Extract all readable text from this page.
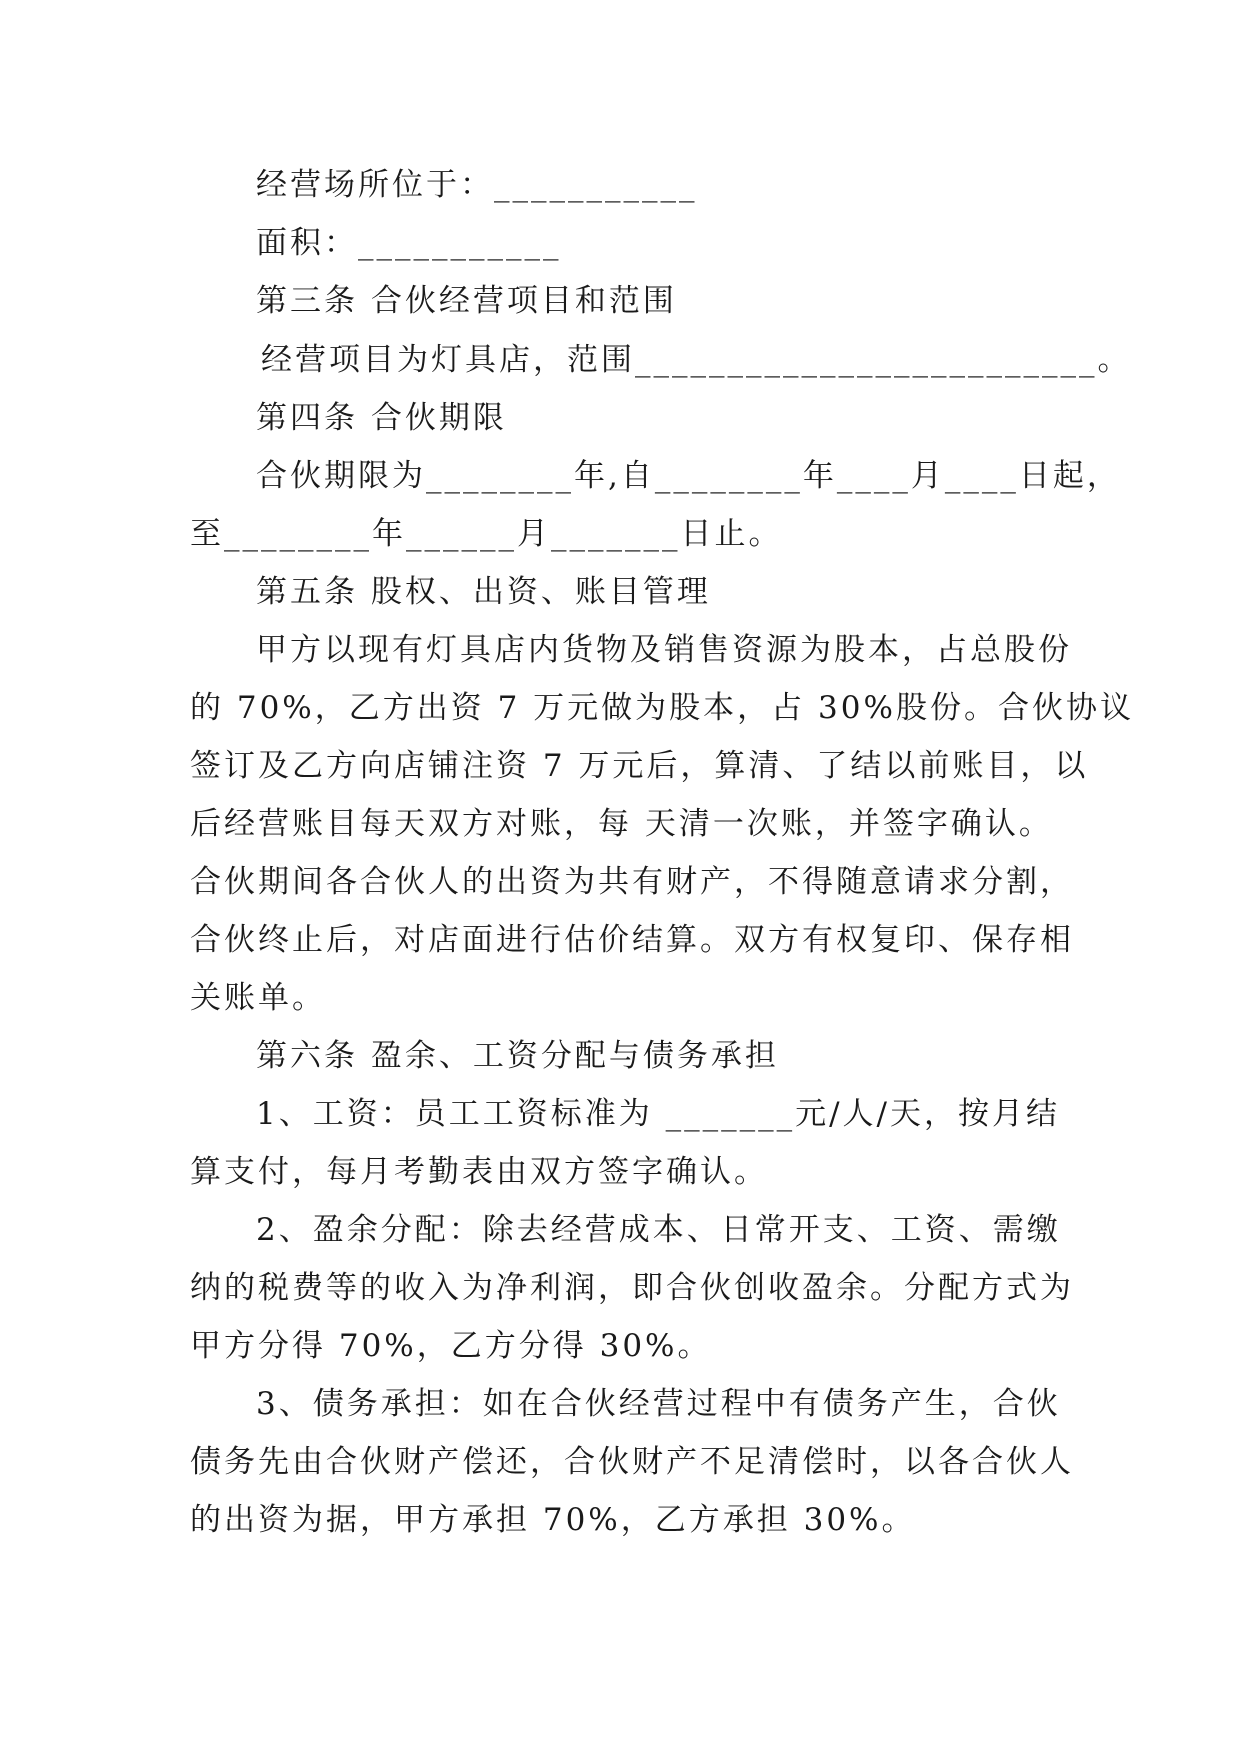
经营场所位于：___________
面积：___________
第三条 合伙经营项目和范围
经营项目为灯具店，范围_________________________。
第四条 合伙期限
合伙期限为________年,自________年____月____日起，
至________年______月_______日止。
第五条 股权、出资、账目管理
甲方以现有灯具店内货物及销售资源为股本，占总股份
的 70%，乙方出资 7 万元做为股本，占 30%股份。合伙协议
签订及乙方向店铺注资 7 万元后，算清、了结以前账目，以
后经营账目每天双方对账，每 天清一次账，并签字确认。
合伙期间各合伙人的出资为共有财产，不得随意请求分割，
合伙终止后，对店面进行估价结算。双方有权复印、保存相
关账单。
第六条 盈余、工资分配与债务承担
1、工资：员工工资标准为 _______元/人/天，按月结
算支付，每月考勤表由双方签字确认。
2、盈余分配：除去经营成本、日常开支、工资、需缴
纳的税费等的收入为净利润，即合伙创收盈余。分配方式为
甲方分得 70%，乙方分得 30%。
3、债务承担：如在合伙经营过程中有债务产生，合伙
债务先由合伙财产偿还，合伙财产不足清偿时，以各合伙人
的出资为据，甲方承担 70%，乙方承担 30%。
